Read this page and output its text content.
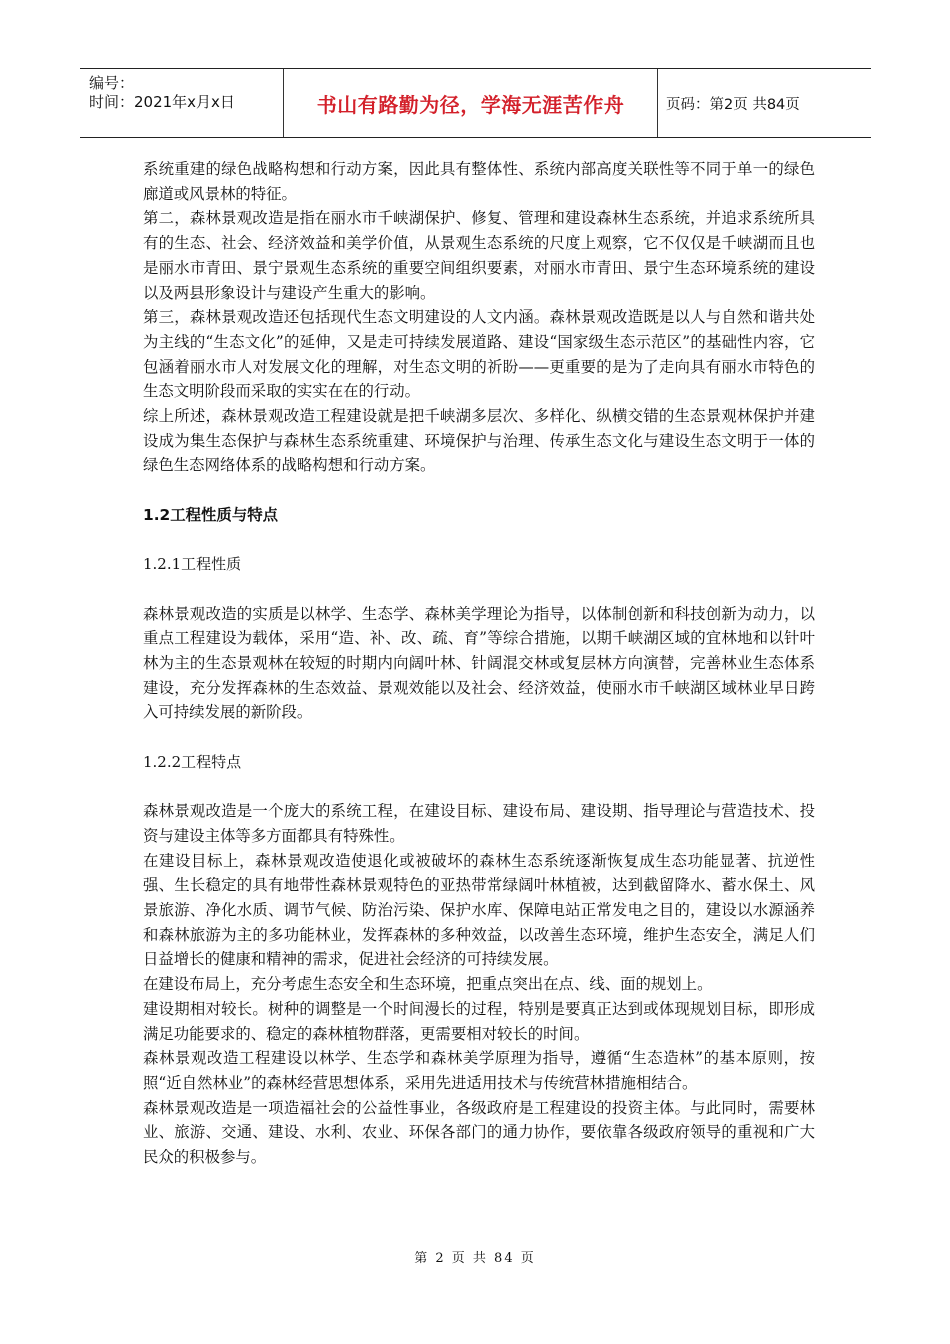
编号：
时间：2021年x月x日	书山有路勤为径，学海无涯苦作舟	页码：第2页 共84页

系统重建的绿色战略构想和行动方案，因此具有整体性、系统内部高度关联性等不同于单一的绿色廊道或风景林的特征。

第二，森林景观改造是指在丽水市千峡湖保护、修复、管理和建设森林生态系统，并追求系统所具有的生态、社会、经济效益和美学价值，从景观生态系统的尺度上观察，它不仅仅是千峡湖而且也是丽水市青田、景宁景观生态系统的重要空间组织要素，对丽水市青田、景宁生态环境系统的建设以及两县形象设计与建设产生重大的影响。

第三，森林景观改造还包括现代生态文明建设的人文内涵。森林景观改造既是以人与自然和谐共处为主线的“生态文化”的延伸，又是走可持续发展道路、建设“国家级生态示范区”的基础性内容，它包涵着丽水市人对发展文化的理解，对生态文明的祈盼——更重要的是为了走向具有丽水市特色的生态文明阶段而采取的实实在在的行动。

综上所述，森林景观改造工程建设就是把千峡湖多层次、多样化、纵横交错的生态景观林保护并建设成为集生态保护与森林生态系统重建、环境保护与治理、传承生态文化与建设生态文明于一体的绿色生态网络体系的战略构想和行动方案。

1.2工程性质与特点

1.2.1工程性质

森林景观改造的实质是以林学、生态学、森林美学理论为指导，以体制创新和科技创新为动力，以重点工程建设为载体，采用“造、补、改、疏、育”等综合措施，以期千峡湖区域的宜林地和以针叶林为主的生态景观林在较短的时期内向阔叶林、针阔混交林或复层林方向演替，完善林业生态体系建设，充分发挥森林的生态效益、景观效能以及社会、经济效益，使丽水市千峡湖区域林业早日跨入可持续发展的新阶段。

1.2.2工程特点

森林景观改造是一个庞大的系统工程，在建设目标、建设布局、建设期、指导理论与营造技术、投资与建设主体等多方面都具有特殊性。

在建设目标上，森林景观改造使退化或被破坏的森林生态系统逐渐恢复成生态功能显著、抗逆性强、生长稳定的具有地带性森林景观特色的亚热带常绿阔叶林植被，达到截留降水、蓄水保土、风景旅游、净化水质、调节气候、防治污染、保护水库、保障电站正常发电之目的，建设以水源涵养和森林旅游为主的多功能林业，发挥森林的多种效益，以改善生态环境，维护生态安全，满足人们日益增长的健康和精神的需求，促进社会经济的可持续发展。

在建设布局上，充分考虑生态安全和生态环境，把重点突出在点、线、面的规划上。

建设期相对较长。树种的调整是一个时间漫长的过程，特别是要真正达到或体现规划目标，即形成满足功能要求的、稳定的森林植物群落，更需要相对较长的时间。

森林景观改造工程建设以林学、生态学和森林美学原理为指导，遵循“生态造林”的基本原则，按照“近自然林业”的森林经营思想体系，采用先进适用技术与传统营林措施相结合。

森林景观改造是一项造福社会的公益性事业，各级政府是工程建设的投资主体。与此同时，需要林业、旅游、交通、建设、水利、农业、环保各部门的通力协作，要依靠各级政府领导的重视和广大民众的积极参与。

第 2 页 共 84 页
